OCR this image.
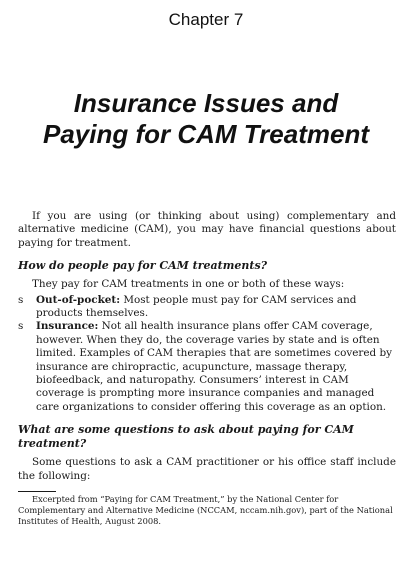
Chapter 7
Insurance Issues and
Paying for CAM Treatment

If you are using (or thinking about using) complementary and alternative medicine (CAM), you may have financial questions about paying for treatment.

How do people pay for CAM treatments?

They pay for CAM treatments in one or both of these ways:

s Out-of-pocket: Most people must pay for CAM services and products themselves.
s Insurance: Not all health insurance plans offer CAM coverage, however. When they do, the coverage varies by state and is often limited. Examples of CAM therapies that are sometimes covered by insurance are chiropractic, acupuncture, massage therapy, biofeedback, and naturopathy. Consumers’ interest in CAM coverage is prompting more insurance companies and managed care organizations to consider offering this coverage as an option.

What are some questions to ask about paying for CAM treatment?

Some questions to ask a CAM practitioner or his office staff include the following:

Excerpted from “Paying for CAM Treatment,” by the National Center for Complementary and Alternative Medicine (NCCAM, nccam.nih.gov), part of the National Institutes of Health, August 2008.
